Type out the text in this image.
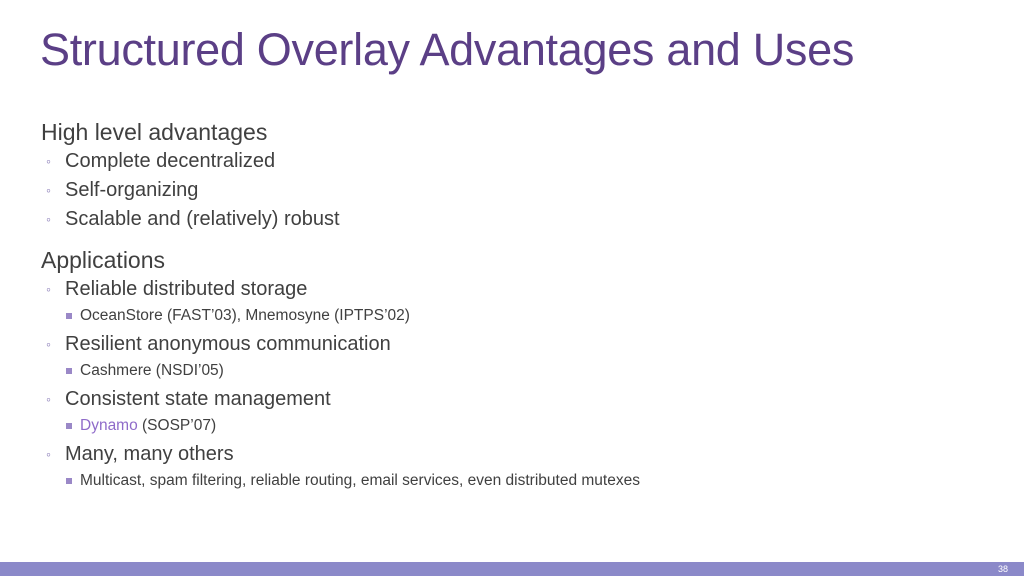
Structured Overlay Advantages and Uses
High level advantages
◦ Complete decentralized
◦ Self-organizing
◦ Scalable and (relatively) robust
Applications
◦ Reliable distributed storage
OceanStore (FAST’03), Mnemosyne (IPTPS’02)
◦ Resilient anonymous communication
Cashmere (NSDI’05)
◦ Consistent state management
Dynamo (SOSP’07)
◦ Many, many others
Multicast, spam filtering, reliable routing, email services, even distributed mutexes
38
